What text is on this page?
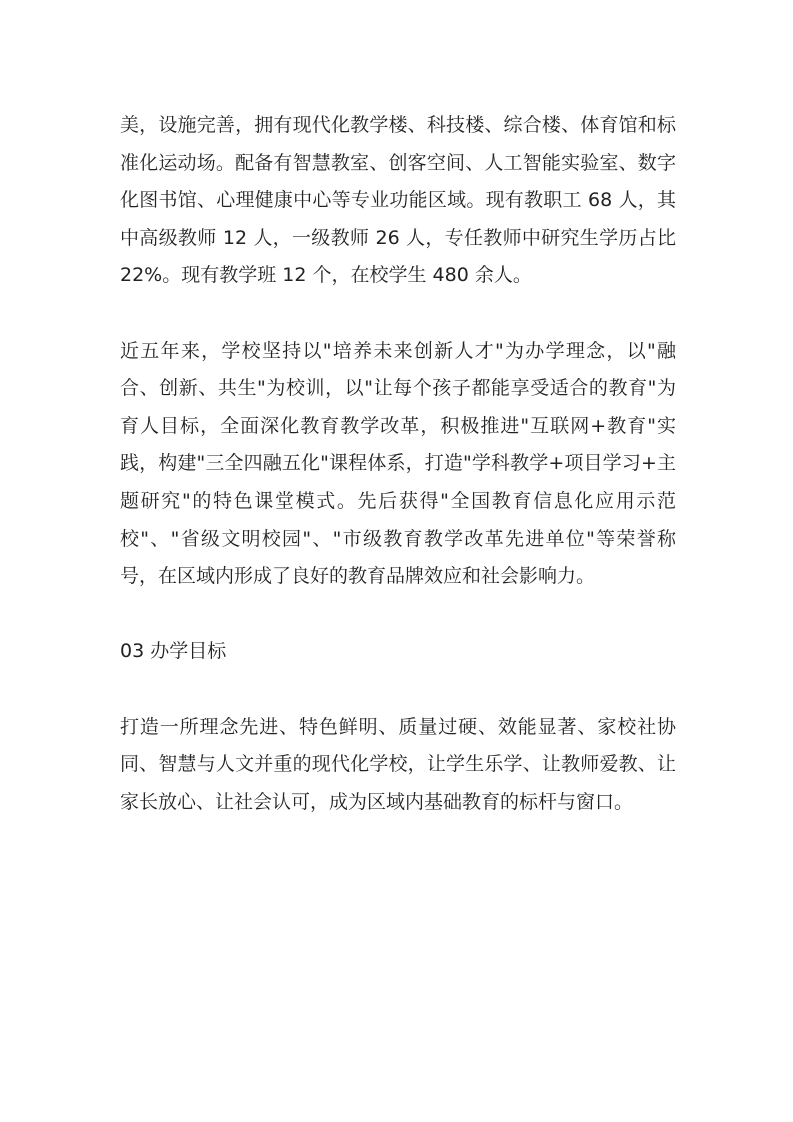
美，设施完善，拥有现代化教学楼、科技楼、综合楼、体育馆和标准化运动场。配备有智慧教室、创客空间、人工智能实验室、数字化图书馆、心理健康中心等专业功能区域。现有教职工 68 人，其中高级教师 12 人，一级教师 26 人，专任教师中研究生学历占比 22%。现有教学班 12 个，在校学生 480 余人。

近五年来，学校坚持以"培养未来创新人才"为办学理念，以"融合、创新、共生"为校训，以"让每个孩子都能享受适合的教育"为育人目标，全面深化教育教学改革，积极推进"互联网+教育"实践，构建"三全四融五化"课程体系，打造"学科教学+项目学习+主题研究"的特色课堂模式。先后获得"全国教育信息化应用示范校"、"省级文明校园"、"市级教育教学改革先进单位"等荣誉称号，在区域内形成了良好的教育品牌效应和社会影响力。

03 办学目标

打造一所理念先进、特色鲜明、质量过硬、效能显著、家校社协同、智慧与人文并重的现代化学校，让学生乐学、让教师爱教、让家长放心、让社会认可，成为区域内基础教育的标杆与窗口。
